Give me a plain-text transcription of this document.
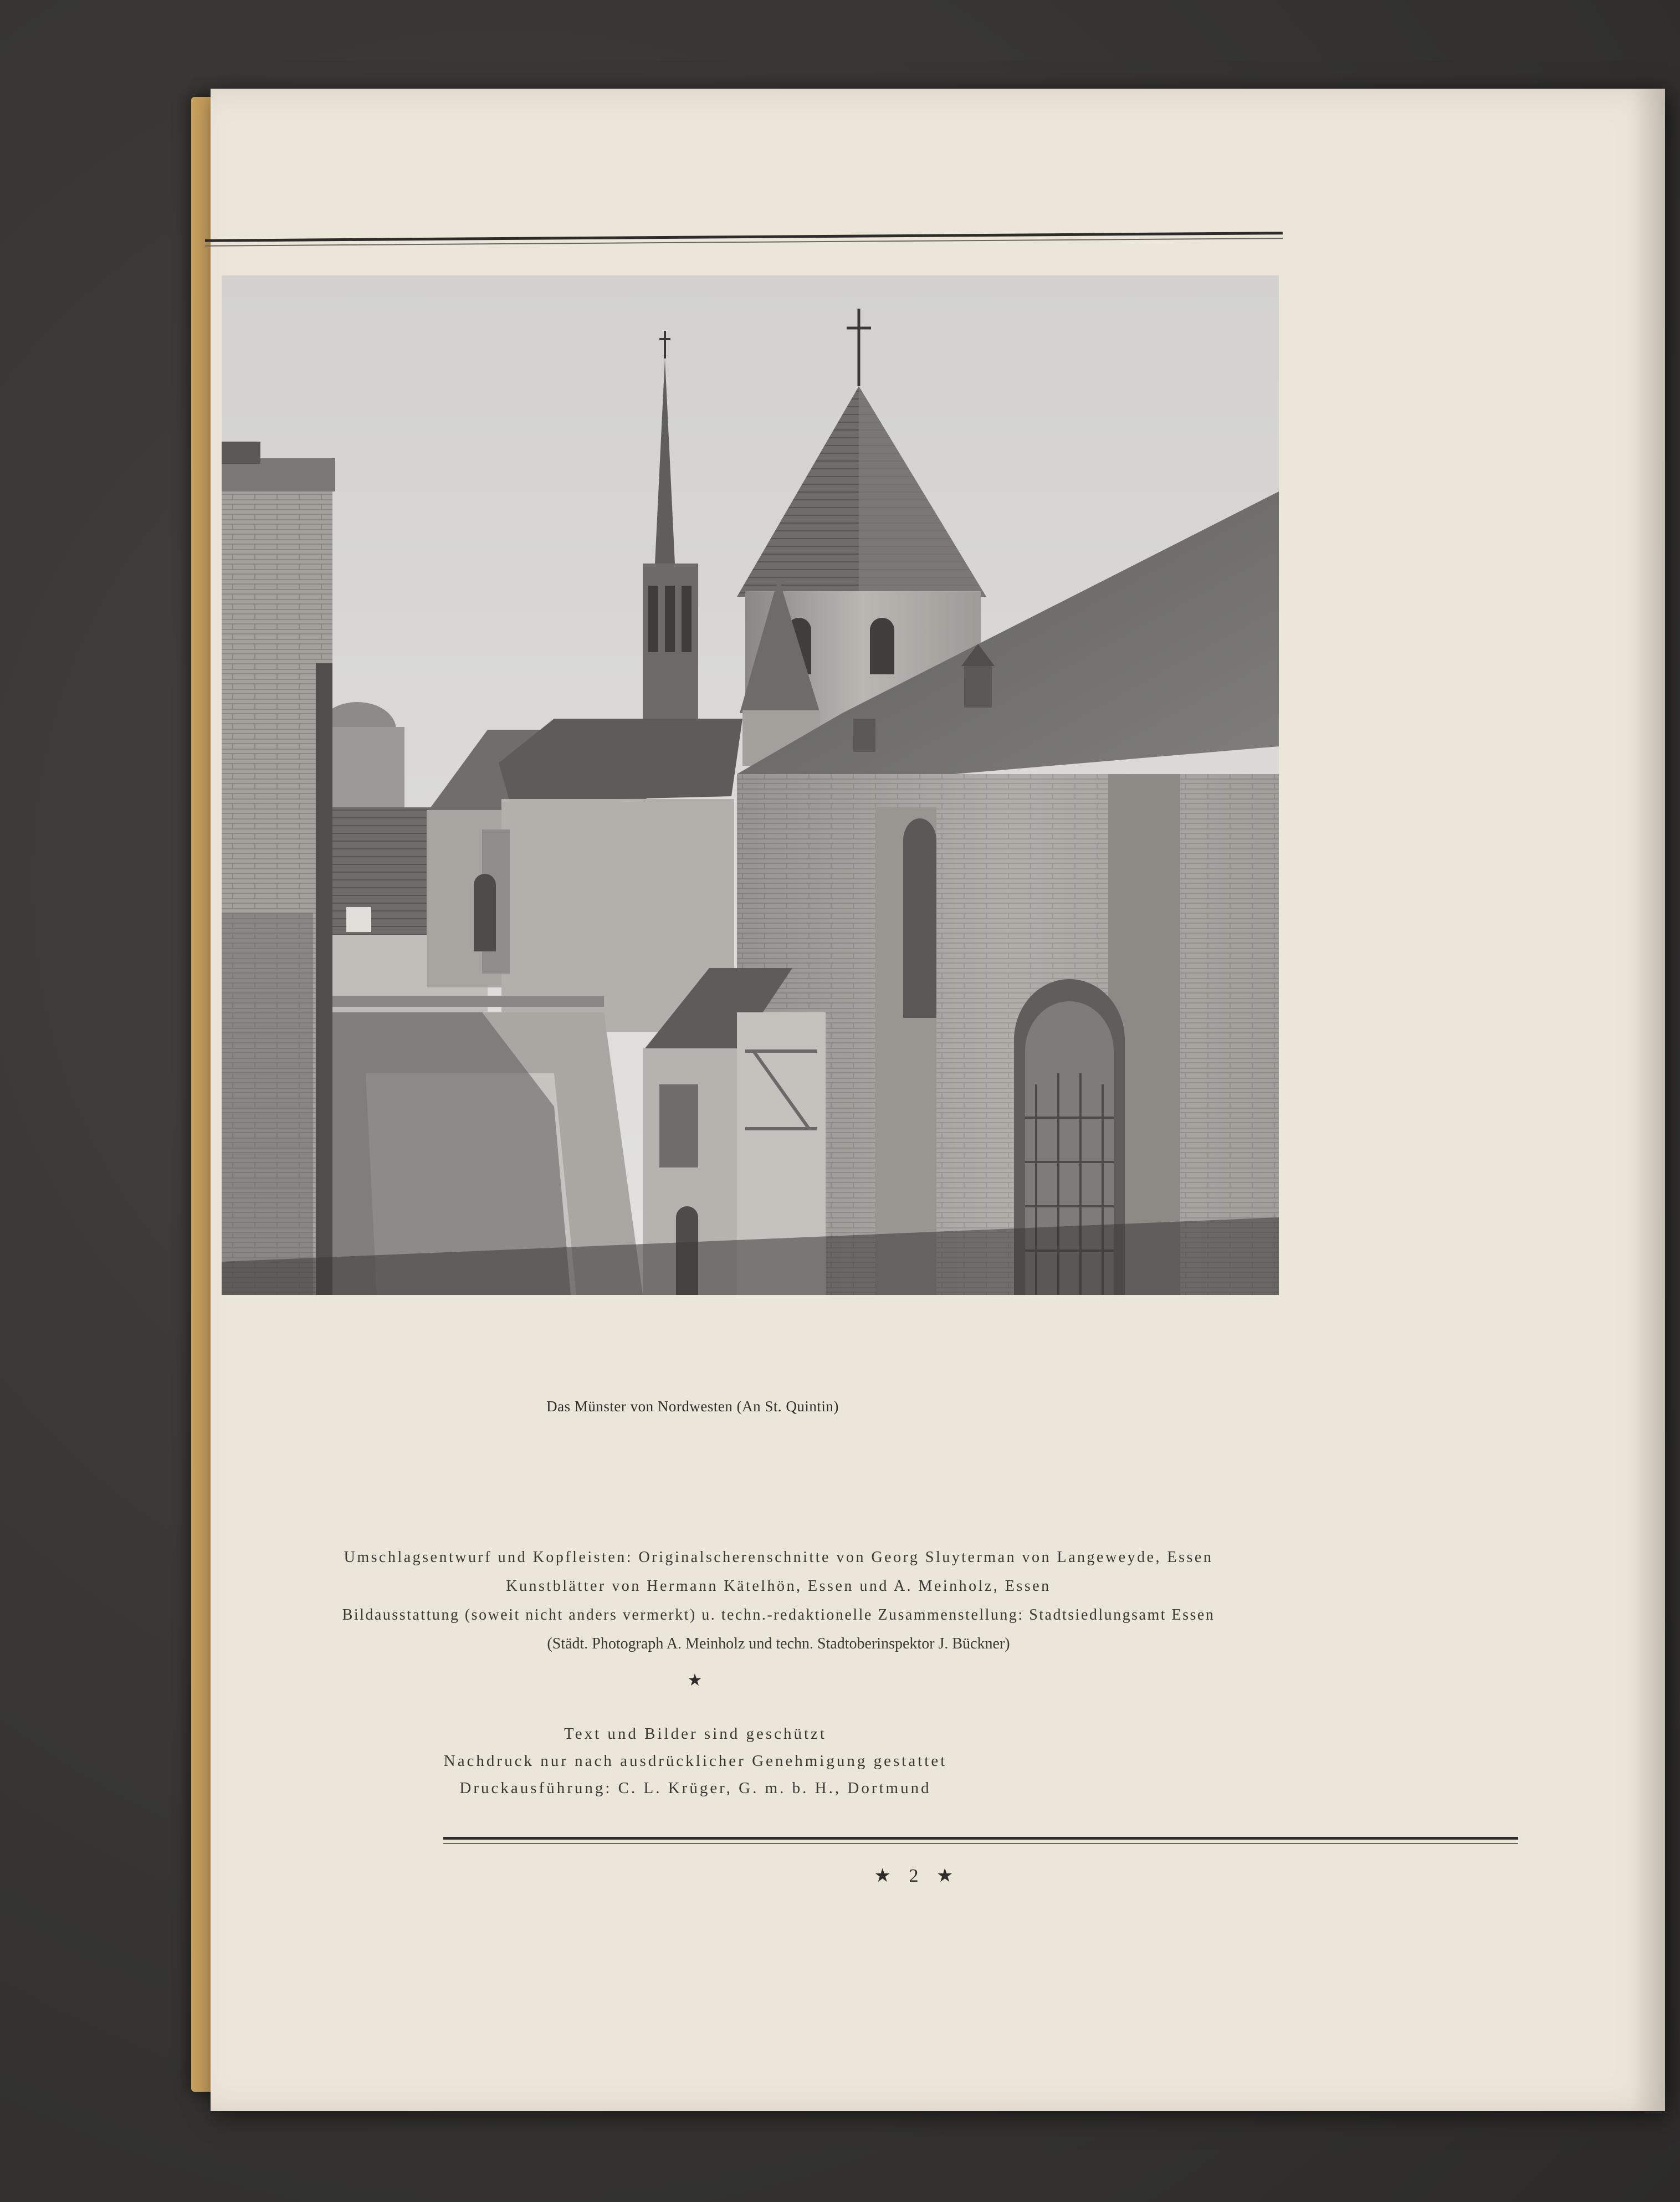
Das Münster von Nordwesten (An St. Quintin)
Umschlagsentwurf und Kopfleisten: Originalscherenschnitte von Georg Sluyterman von Langeweyde, Essen
Kunstblätter von Hermann Kätelhön, Essen und A. Meinholz, Essen
Bildausstattung (soweit nicht anders vermerkt) u. techn.-redaktionelle Zusammenstellung: Stadtsiedlungsamt Essen
(Städt. Photograph A. Meinholz und techn. Stadtoberinspektor J. Bückner)
★
Text und Bilder sind geschützt
Nachdruck nur nach ausdrücklicher Genehmigung gestattet
Druckausführung: C. L. Krüger, G. m. b. H., Dortmund
★ 2 ★
